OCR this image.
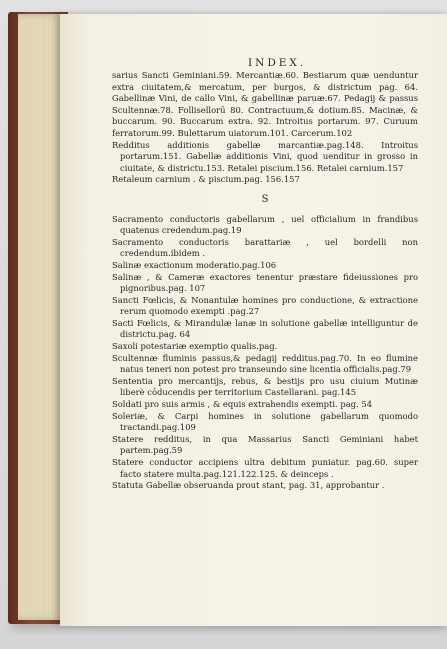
INDEX.

sarius Sancti Geminiani.59. Mercantiæ.60. Bestiarum quæ uenduntur extra ciuitatem,& mercatum, per burgos, & districtum pag. 64. Gabellinæ Vini, de callo Vini, & gabellinæ paruæ.67. Pedagij & passus Scultennæ.78. Follisellorū 80. Contractuum,& dotium.85. Macinæ, & buccarum. 90. Buccarum extra. 92. Introitus portarum. 97. Curuum ferratorum.99. Bulettarum uiatorum.101. Carcerum.102

Redditus additionis gabellæ marcantiæ.pag.148. Introitus portarum.151. Gabellæ additionis Vini, quod uenditur in grosso in ciuitate, & districtu.153. Retalei piscium.156. Retalei carnium.157

Retaleum carnium . & piscium.pag. 156.157

S

Sacramento conductoris gabellarum , uel officialium in frandibus quatenus credendum.pag.19

Sacramento conductoris barattariæ , uel bordelli non credendum.ibidem .

Salinæ exactionum moderatio.pag.106

Salinæ , & Cameræ exactores tenentur præstare fideiussiones pro pignoribus.pag. 107

Sancti Fœlicis, & Nonantulæ homines pro conductione, & extractione rerum quomodo exempti .pag.27

Sacti Fœlicis, & Mirandulæ lanæ in solutione gabellæ intelliguntur de districtu.pag. 64

Saxoli potestariæ exemptio qualis.pag.

Scultennæ fluminis passus,& pedagij redditus.pag.70. In eo flumine natus teneri non potest pro transeundo sine licentia officialis.pag.79

Sententia pro mercantijs, rebus, & bestijs pro usu ciuium Mutinæ liberè cōducendis per territorium Castellarani. pag.145

Soldati pro suis armis , & equis extrahendis exempti. pag. 54

Soleriæ, & Carpi homines in solutione gabellarum quomodo tractandi.pag.109

Statere redditus, in qua Massarius Sancti Geminiani habet partem.pag.59

Statere conductor accipiens ultra debitum puniatur. pag.60. super facto statere multa.pag.121.122.125. & deinceps .

Statuta Gabellæ obseruanda prout stant, pag. 31, approbantur .
